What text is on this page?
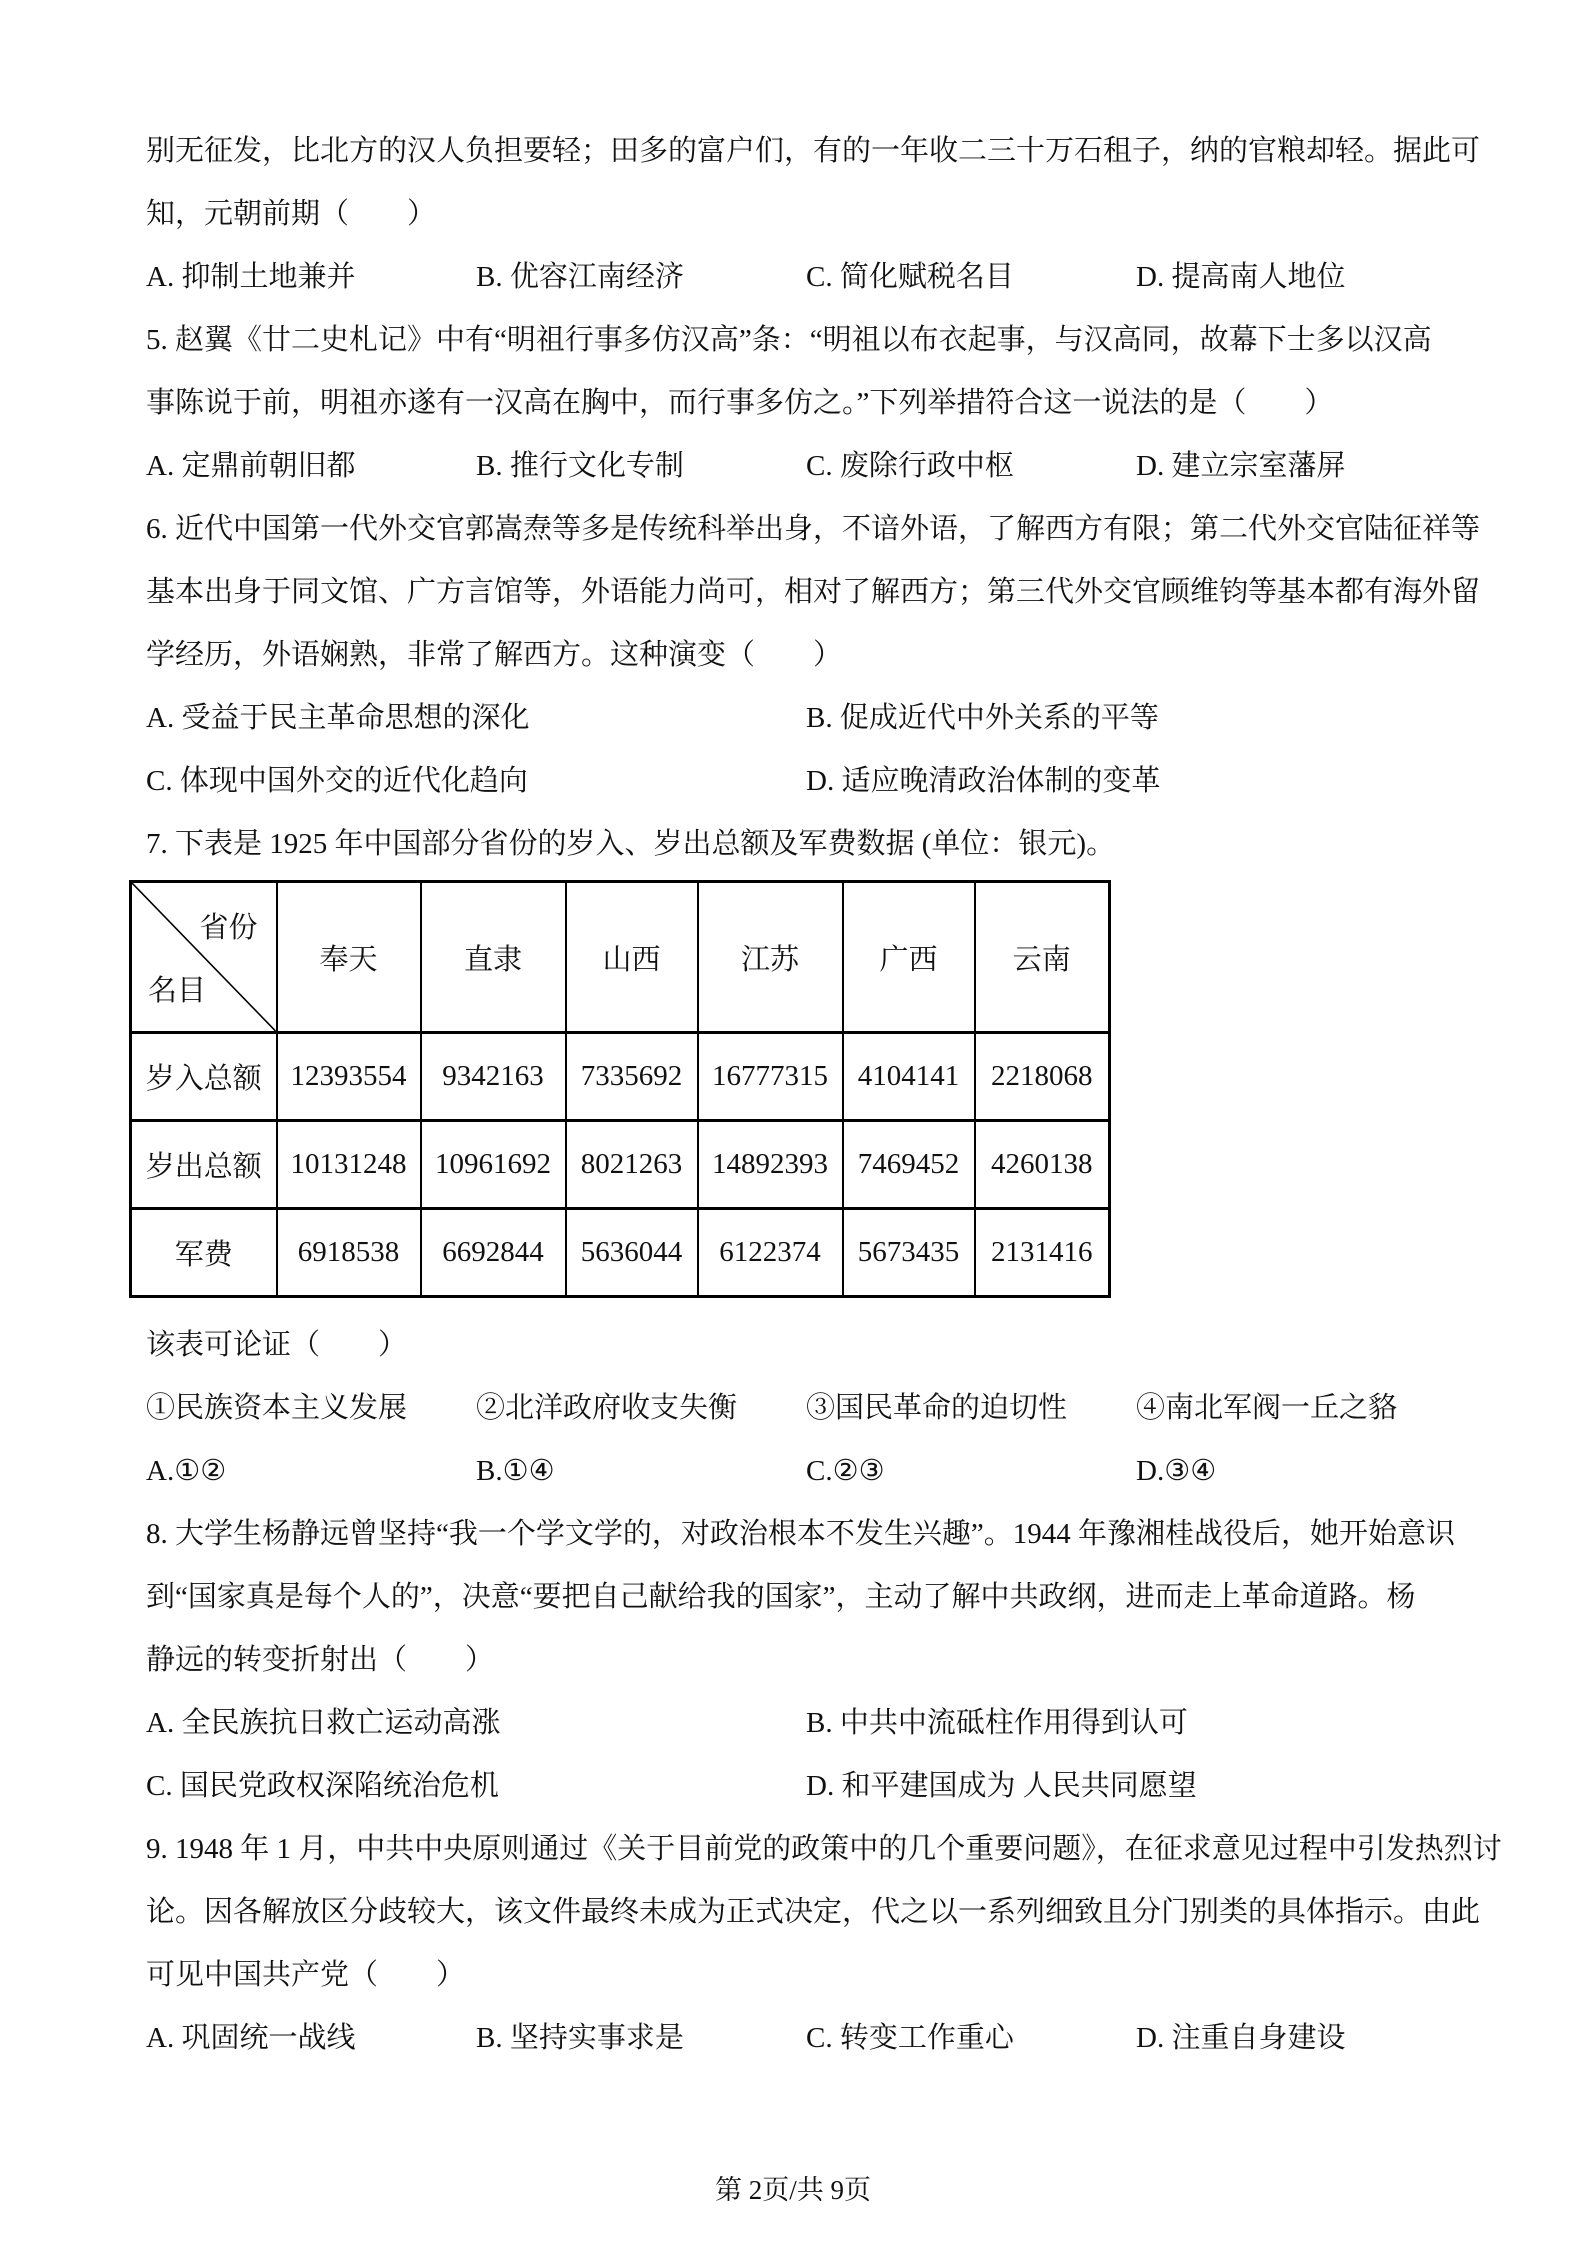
别无征发，比北方的汉人负担要轻；田多的富户们，有的一年收二三十万石租子，纳的官粮却轻。据此可
知，元朝前期（　　）
A. 抑制土地兼并	B. 优容江南经济	C. 简化赋税名目	D. 提高南人地位
5. 赵翼《廿二史札记》中有“明祖行事多仿汉高”条：“明祖以布衣起事，与汉高同，故幕下士多以汉高
事陈说于前，明祖亦遂有一汉高在胸中，而行事多仿之。”下列举措符合这一说法的是（　　）
A. 定鼎前朝旧都	B. 推行文化专制	C. 废除行政中枢	D. 建立宗室藩屏
6. 近代中国第一代外交官郭嵩焘等多是传统科举出身，不谙外语，了解西方有限；第二代外交官陆征祥等
基本出身于同文馆、广方言馆等，外语能力尚可，相对了解西方；第三代外交官顾维钧等基本都有海外留
学经历，外语娴熟，非常了解西方。这种演变（　　）
A. 受益于民主革命思想的深化	B. 促成近代中外关系的平等
C. 体现中国外交的近代化趋向	D. 适应晚清政治体制的变革
7. 下表是 1925 年中国部分省份的岁入、岁出总额及军费数据 (单位：银元)。
省份
名目	奉天	直隶	山西	江苏	广西	云南
岁入总额	12393554	9342163	7335692	16777315	4104141	2218068
岁出总额	10131248	10961692	8021263	14892393	7469452	4260138
军费	6918538	6692844	5636044	6122374	5673435	2131416
该表可论证（　　）
①民族资本主义发展	②北洋政府收支失衡	③国民革命的迫切性	④南北军阀一丘之貉
A.①②	B.①④	C.②③	D.③④
8. 大学生杨静远曾坚持“我一个学文学的，对政治根本不发生兴趣”。1944 年豫湘桂战役后，她开始意识
到“国家真是每个人的”，决意“要把自己献给我的国家”，主动了解中共政纲，进而走上革命道路。杨
静远的转变折射出（　　）
A. 全民族抗日救亡运动高涨	B. 中共中流砥柱作用得到认可
C. 国民党政权深陷统治危机	D. 和平建国成为 人民共同愿望
9. 1948 年 1 月，中共中央原则通过《关于目前党的政策中的几个重要问题》，在征求意见过程中引发热烈讨
论。因各解放区分歧较大，该文件最终未成为正式决定，代之以一系列细致且分门别类的具体指示。由此
可见中国共产党（　　）
A. 巩固统一战线	B. 坚持实事求是	C. 转变工作重心	D. 注重自身建设
第 2页/共 9页
